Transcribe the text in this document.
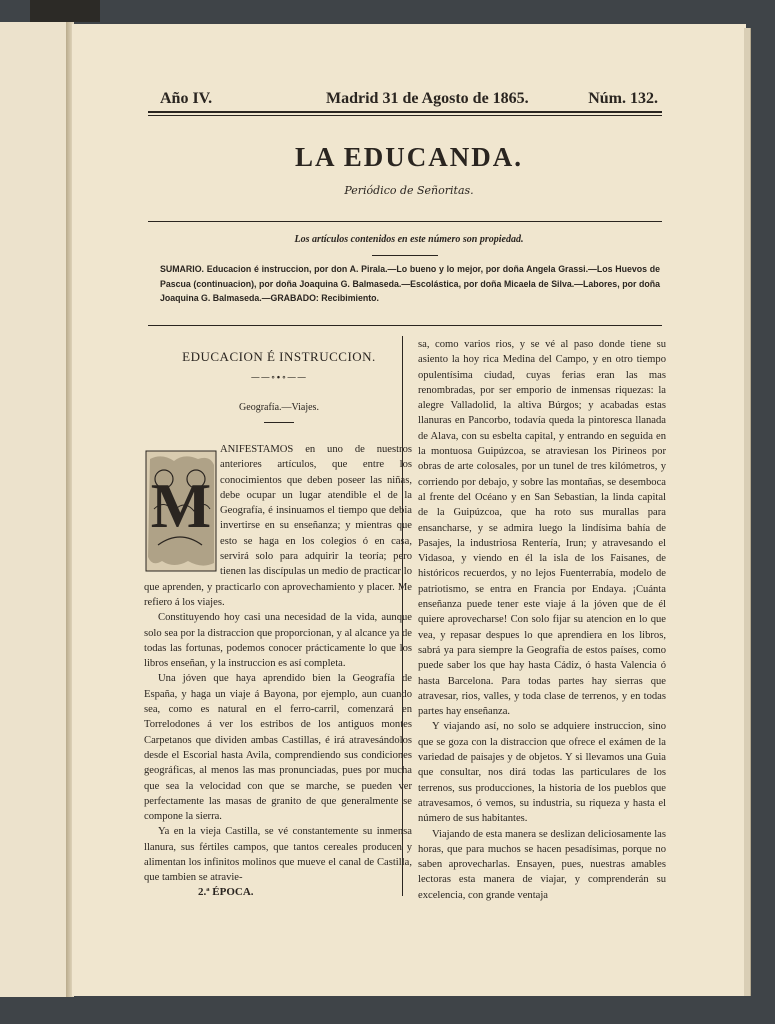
Año IV.	Madrid 31 de Agosto de 1865.	Núm. 132.
LA EDUCANDA.
Periódico de Señoritas.
Los artículos contenidos en este número son propiedad.
SUMARIO. Educacion é instruccion, por don A. Pirala.—Lo bueno y lo mejor, por doña Angela Grassi.—Los Huevos de Pascua (continuacion), por doña Joaquina G. Balmaseda.—Escolástica, por doña Micaela de Silva.—Labores, por doña Joaquina G. Balmaseda.—GRABADO: Recibimiento.
EDUCACION É INSTRUCCION.
——∘∙∘——
Geografía.—Viajes.
M

sa, como varios rios, y se vé al paso donde tiene su asiento la hoy rica Medina del Campo, y en otro tiempo opulentísima ciudad, cuyas ferias eran las mas renombradas, por ser emporio de inmensas riquezas: la alegre Valladolid, la altiva Búrgos; y acabadas estas llanuras en Pancorbo, todavía queda la pintoresca llanada de Alava, con su esbelta capital, y entrando en seguida en la montuosa Guipúzcoa, se atraviesan los Pirineos por obras de arte colosales, por un tunel de tres kilómetros, y corriendo por debajo, y sobre las montañas, se desemboca al frente del Océano y en San Sebastian, la linda capital de la Guipúzcoa, que ha roto sus murallas para ensancharse, y se admira luego la lindísima bahía de Pasajes, la industriosa Rentería, Irun; y atravesando el Vidasoa, y viendo en él la isla de los Faisanes, de históricos recuerdos, y no lejos Fuenterrabía, modelo de patriotismo, se entra en Francia por Endaya. ¡Cuánta enseñanza puede tener este viaje á la jóven que de él quiere aprovecharse! Con solo fijar su atencion en lo que vea, y repasar despues lo que aprendiera en los libros, sabrá ya para siempre la Geografía de estos países, como puede saber los que hay hasta Cádiz, ó hasta Valencia ó hasta Barcelona. Para todas partes hay sierras que atravesar, rios, valles, y toda clase de terrenos, y en todas partes hay enseñanza.

Y viajando así, no solo se adquiere instruccion, sino que se goza con la distraccion que ofrece el exámen de la variedad de paisajes y de objetos. Y si llevamos una Guia que consultar, nos dirá todas las particulares de los terrenos, sus producciones, la historia de los pueblos que atravesamos, ó vemos, su industria, su riqueza y hasta el número de sus habitantes.

Viajando de esta manera se deslizan deliciosamente las horas, que para muchos se hacen pesadísimas, porque no saben aprovecharlas. Ensayen, pues, nuestras amables lectoras esta manera de viajar, y comprenderán su excelencia, con grande ventaja

2.ª ÉPOCA.

ANIFESTAMOS en uno de nuestros anteriores artículos, que entre los conocimientos que deben poseer las niñas, debe ocupar un lugar atendible el de la Geografía, é insinuamos el tiempo que debia invertirse en su enseñanza; y mientras que esto se haga en los colegios ó en casa, servirá solo para adquirir la teoría; pero tienen las discípulas un medio de practicar lo que aprenden, y practicarlo con aprovechamiento y placer. Me refiero á los viajes.

Constituyendo hoy casi una necesidad de la vida, aunque solo sea por la distraccion que proporcionan, y al alcance ya de todas las fortunas, podemos conocer prácticamente lo que los libros enseñan, y la instruccion es así completa.

Una jóven que haya aprendido bien la Geografía de España, y haga un viaje á Bayona, por ejemplo, aun cuando sea, como es natural en el ferro-carril, comenzará en Torrelodones á ver los estribos de los antiguos montes Carpetanos que dividen ambas Castillas, é irá atravesándolos desde el Escorial hasta Avila, comprendiendo sus condiciones geográficas, al menos las mas pronunciadas, pues por mucha que sea la velocidad con que se marche, se pueden ver perfectamente las masas de granito de que generalmente se compone la sierra.

Ya en la vieja Castilla, se vé constantemente su inmensa llanura, sus fértiles campos, que tantos cereales producen y alimentan los infinitos molinos que mueve el canal de Castilla, que tambien se atravie-
